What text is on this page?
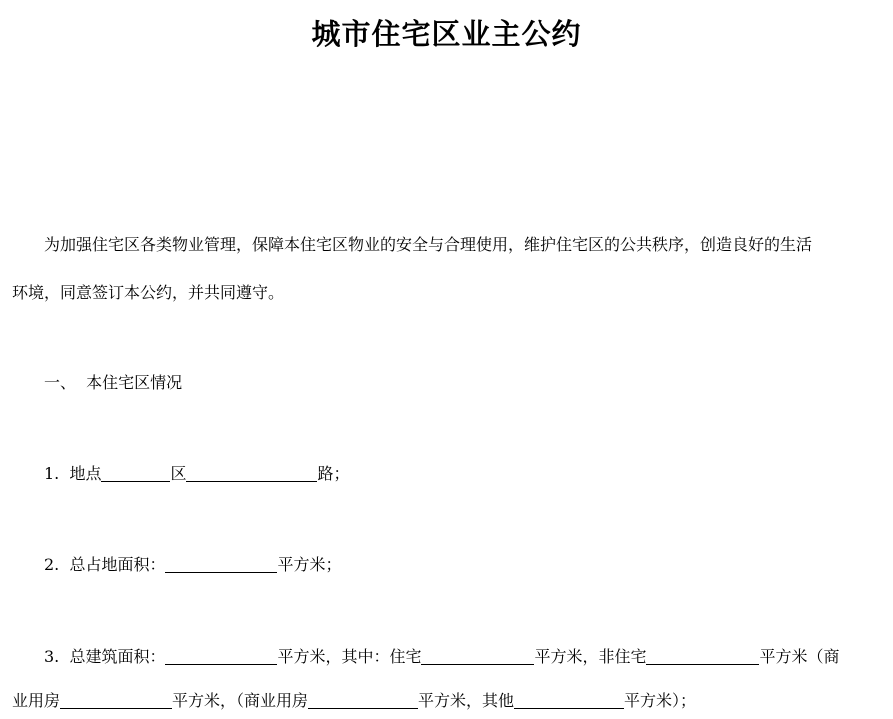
城市住宅区业主公约
为加强住宅区各类物业管理，保障本住宅区物业的安全与合理使用，维护住宅区的公共秩序，创造良好的生活
环境，同意签订本公约，并共同遵守。
一、  本住宅区情况
1.  地点	区	路；
2.  总占地面积：	平方米；
3.  总建筑面积：	平方米，其中：住宅	平方米，非住宅	平方米（商
业用房	平方米，（商业用房	平方米，其他	平方米）；
